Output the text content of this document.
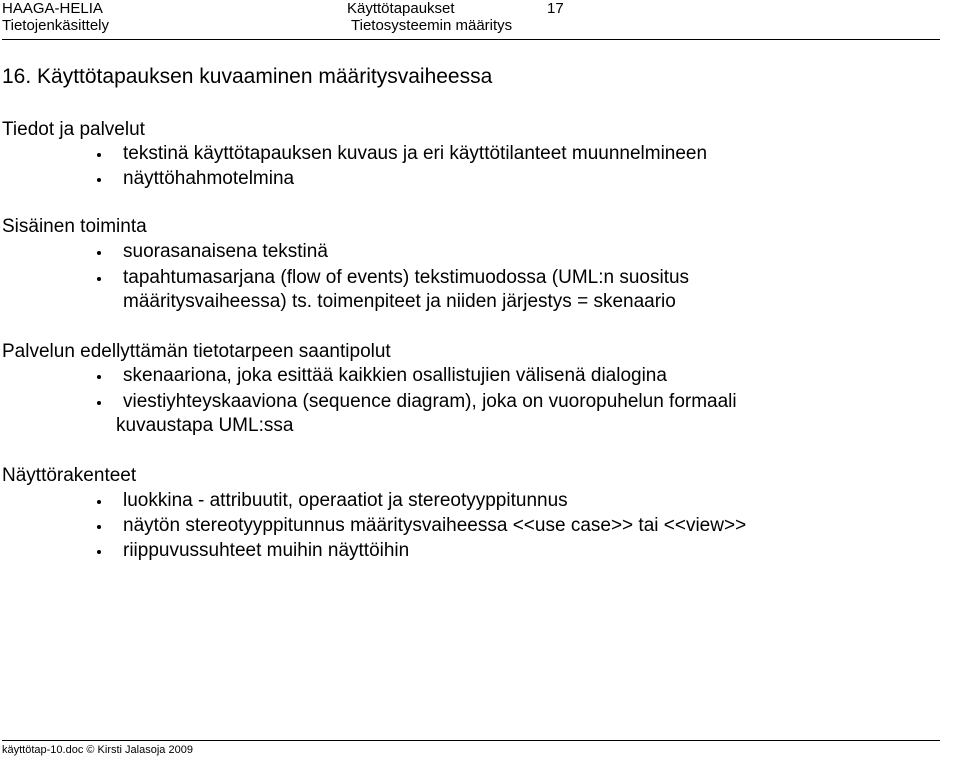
HAAGA-HELIA
Tietojenkäsittely
Käyttötapaukset
Tietosysteemin määritys
17
16. Käyttötapauksen kuvaaminen määritysvaiheessa
Tiedot ja palvelut
tekstinä käyttötapauksen kuvaus ja eri käyttötilanteet muunnelmineen
näyttöhahmotelmina
Sisäinen toiminta
suorasanaisena tekstinä
tapahtumasarjana (flow of events) tekstimuodossa (UML:n suositus
määritysvaiheessa) ts. toimenpiteet ja niiden järjestys = skenaario
Palvelun edellyttämän tietotarpeen saantipolut
skenaariona, joka esittää kaikkien osallistujien välisenä dialogina
viestiyhteyskaaviona (sequence diagram), joka on vuoropuhelun formaali
kuvaustapa UML:ssa
Näyttörakenteet
luokkina - attribuutit, operaatiot ja stereotyyppitunnus
näytön stereotyyppitunnus määritysvaiheessa <<use case>> tai <<view>>
riippuvussuhteet muihin näyttöihin
käyttötap-10.doc © Kirsti Jalasoja 2009
